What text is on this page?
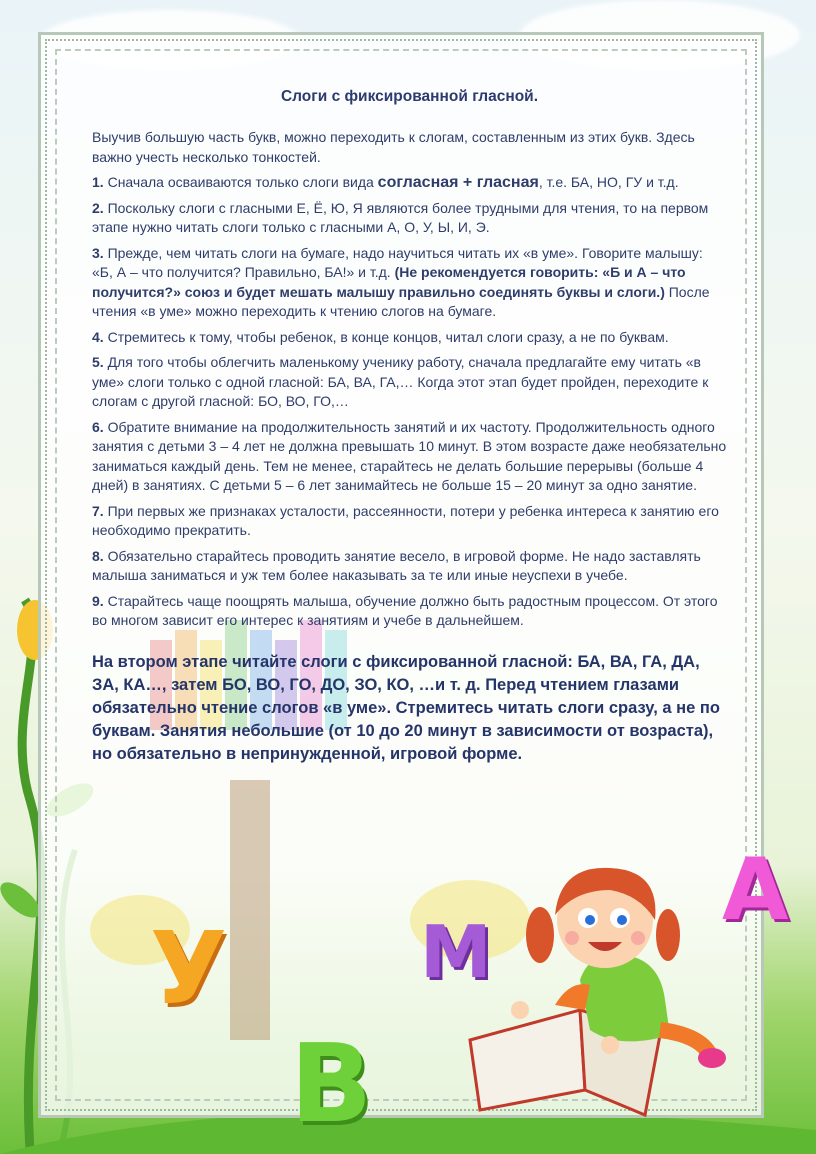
Слоги с фиксированной гласной.

Выучив большую часть букв, можно переходить к слогам, составленным из этих букв. Здесь важно учесть несколько тонкостей.

1. Сначала осваиваются только слоги вида согласная + гласная, т.е. БА, НО, ГУ и т.д.

2. Поскольку слоги с гласными Е, Ё, Ю, Я являются более трудными для чтения, то на первом этапе нужно читать слоги только с гласными А, О, У, Ы, И, Э.

3. Прежде, чем читать слоги на бумаге, надо научиться читать их «в уме». Говорите малышу: «Б, А – что получится? Правильно, БА!» и т.д. (Не рекомендуется говорить: «Б и А – что получится?» союз и будет мешать малышу правильно соединять буквы и слоги.) После чтения «в уме» можно переходить к чтению слогов на бумаге.

4. Стремитесь к тому, чтобы ребенок, в конце концов, читал слоги сразу, а не по буквам.

5. Для того чтобы облегчить маленькому ученику работу, сначала предлагайте ему читать «в уме» слоги только с одной гласной: БА, ВА, ГА,… Когда этот этап будет пройден, переходите к слогам с другой гласной: БО, ВО, ГО,…

6. Обратите внимание на продолжительность занятий и их частоту. Продолжительность одного занятия с детьми 3 – 4 лет не должна превышать 10 минут. В этом возрасте даже необязательно заниматься каждый день. Тем не менее, старайтесь не делать большие перерывы (больше 4 дней) в занятиях. С детьми 5 – 6 лет занимайтесь не больше 15 – 20 минут за одно занятие.

7. При первых же признаках усталости, рассеянности, потери у ребенка интереса к занятию его необходимо прекратить.

8. Обязательно старайтесь проводить занятие весело, в игровой форме. Не надо заставлять малыша заниматься и уж тем более наказывать за те или иные неуспехи в учебе.

9. Старайтесь чаще поощрять малыша, обучение должно быть радостным процессом. От этого во многом зависит его интерес к занятиям и учебе в дальнейшем.

На втором этапе читайте слоги с фиксированной гласной: БА, ВА, ГА, ДА, ЗА, КА…, затем БО, ВО, ГО, ДО, ЗО, КО, …и т. д. Перед чтением глазами обязательно чтение слогов «в уме». Стремитесь читать слоги сразу, а не по буквам. Занятия небольшие (от 10 до 20 минут в зависимости от возраста), но обязательно в непринужденной, игровой форме.
У	М
В
А
